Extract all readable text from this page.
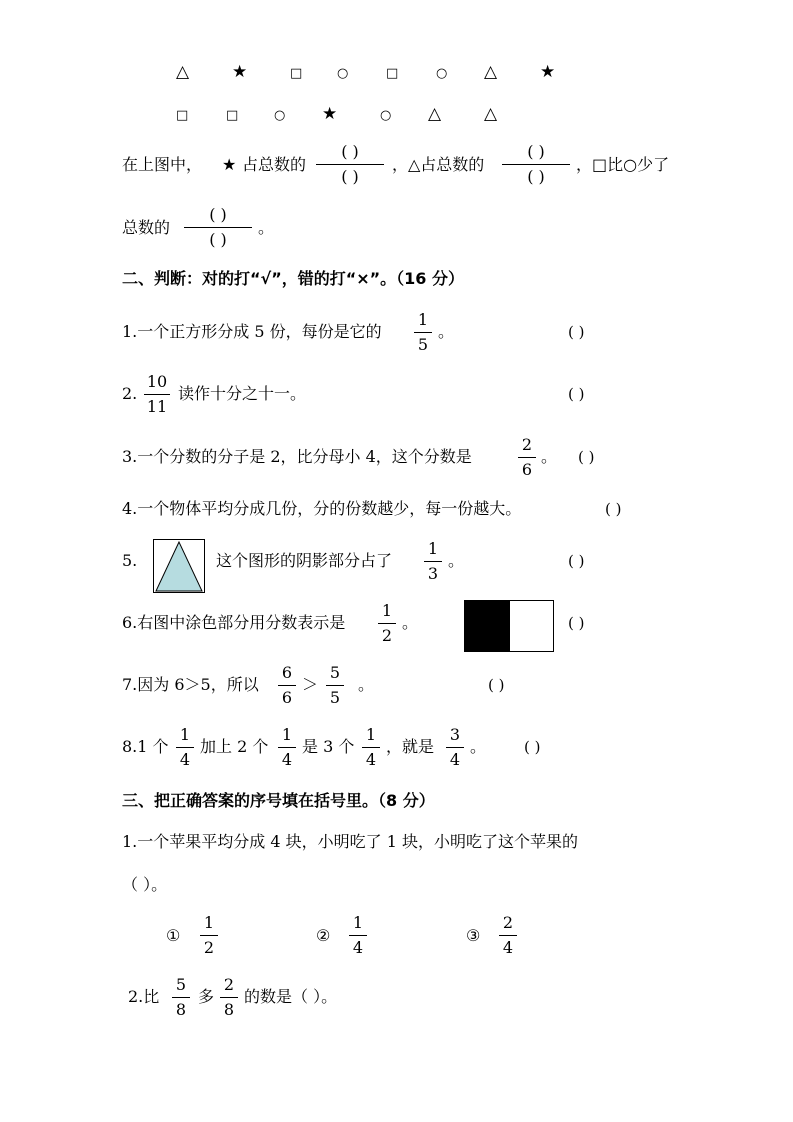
△	★	□	○	□	○ △	★
□	□	○ ★	○ △	△
在上图中， ★ 占总数的
( )
( )
，△占总数的
( )
( )
，□比○少了
总数的
( )
( )
。
二、判断：对的打“√”，错的打“×”。（16 分）
1.一个正方形分成 5 份，每份是它的
1
5
。	( )
2.
10
11
读作十分之十一。	( )
3.一个分数的分子是 2，比分母小 4，这个分数是
2
6
。 ( )
4.一个物体平均分成几份，分的份数越少，每一份越大。	( )
5.	这个图形的阴影部分占了
1
3
。	( )
6.右图中涂色部分用分数表示是
1
2
。	( )
7.因为 6＞5，所以
6
6
＞
5
5
。	( )
8.1 个
1
4
加上 2 个
1
4
是 3 个
1
4
，就是
3
4
。	( )
三、把正确答案的序号填在括号里。（8 分）
1.一个苹果平均分成 4 块，小明吃了 1 块，小明吃了这个苹果的
（ ）。
①
1
2
②
1
4
③
2
4
2.比
5
8
多
2
8
的数是（ ）。
